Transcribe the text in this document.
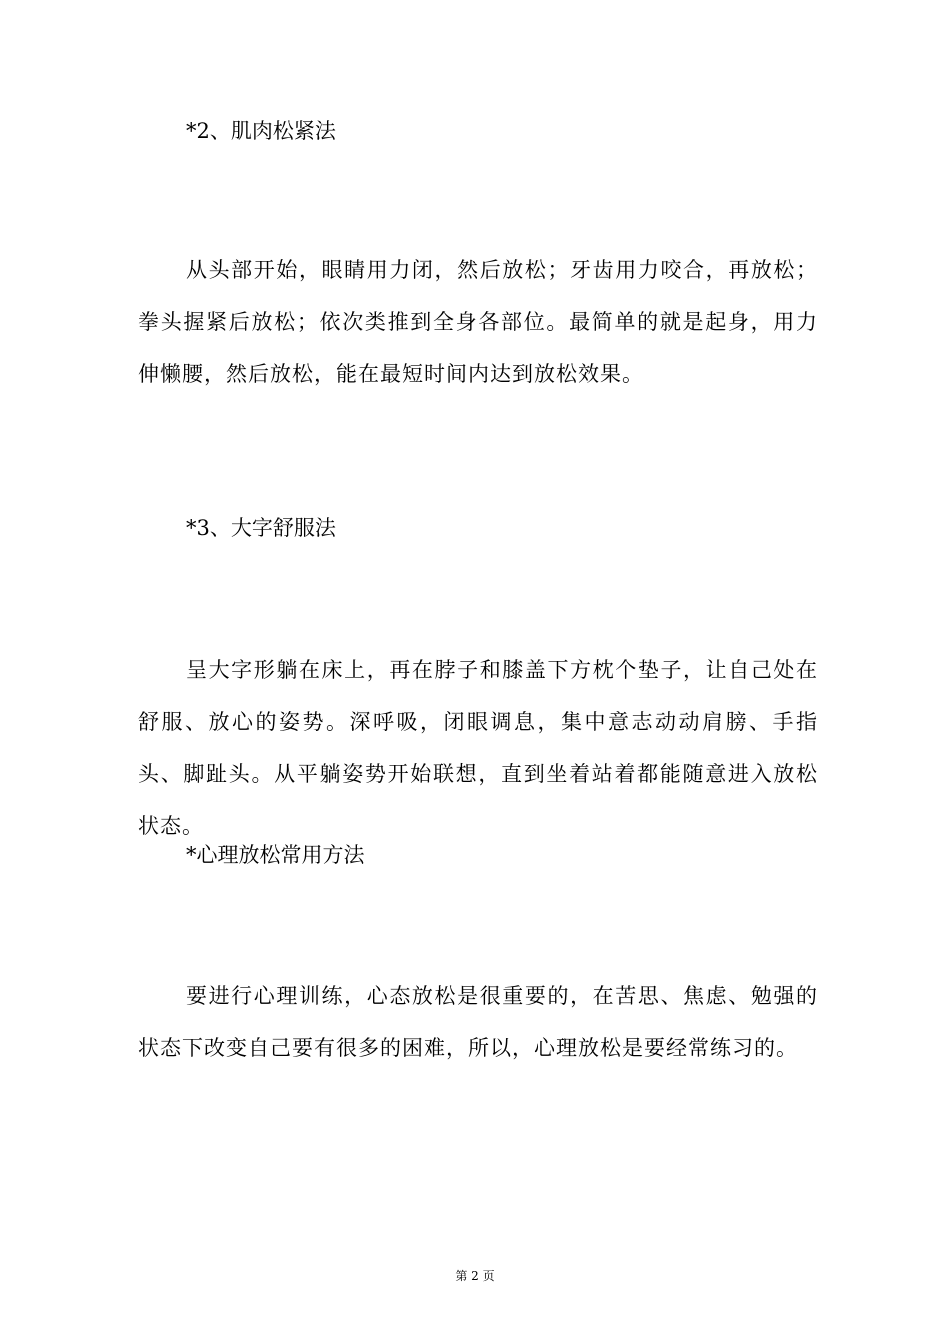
*2、肌肉松紧法
从头部开始，眼睛用力闭，然后放松；牙齿用力咬合，再放松；拳头握紧后放松；依次类推到全身各部位。最简单的就是起身，用力伸懒腰，然后放松，能在最短时间内达到放松效果。
*3、大字舒服法
呈大字形躺在床上，再在脖子和膝盖下方枕个垫子，让自己处在舒服、放心的姿势。深呼吸，闭眼调息，集中意志动动肩膀、手指头、脚趾头。从平躺姿势开始联想，直到坐着站着都能随意进入放松状态。
*心理放松常用方法
要进行心理训练，心态放松是很重要的，在苦思、焦虑、勉强的状态下改变自己要有很多的困难，所以，心理放松是要经常练习的。
第 2 页
